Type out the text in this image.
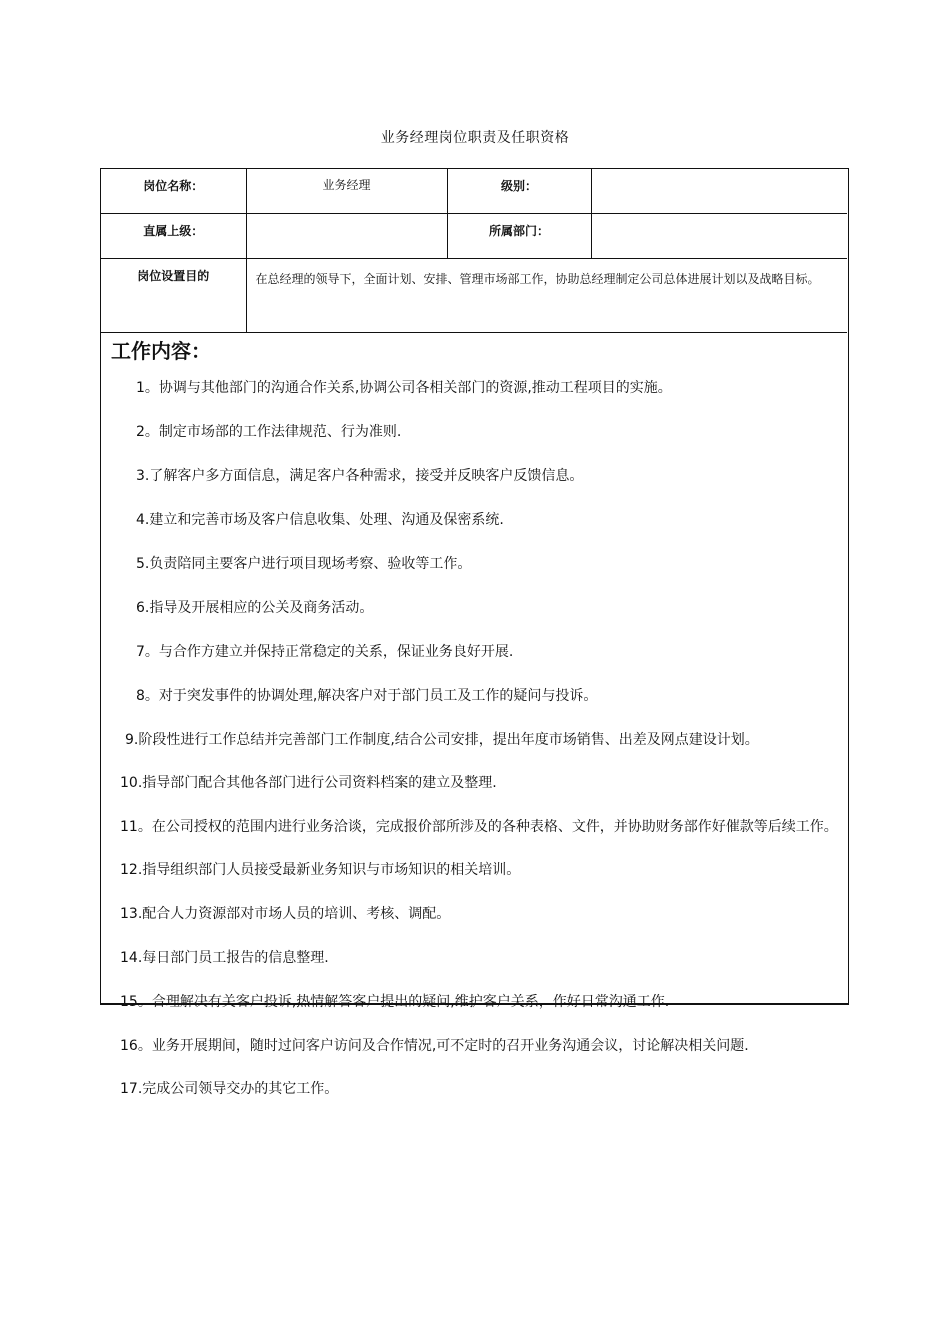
业务经理岗位职责及任职资格
岗位名称：	业务经理	级别：	
直属上级：		所属部门：	
岗位设置目的	在总经理的领导下，全面计划、安排、管理市场部工作，协助总经理制定公司总体进展计划以及战略目标。		
工作内容：
1。协调与其他部门的沟通合作关系,协调公司各相关部门的资源,推动工程项目的实施。
2。制定市场部的工作法律规范、行为准则.
3.了解客户多方面信息，满足客户各种需求，接受并反映客户反馈信息。
4.建立和完善市场及客户信息收集、处理、沟通及保密系统.
5.负责陪同主要客户进行项目现场考察、验收等工作。
6.指导及开展相应的公关及商务活动。
7。与合作方建立并保持正常稳定的关系，保证业务良好开展.
8。对于突发事件的协调处理,解决客户对于部门员工及工作的疑问与投诉。
9.阶段性进行工作总结并完善部门工作制度,结合公司安排，提出年度市场销售、出差及网点建设计划。
10.指导部门配合其他各部门进行公司资料档案的建立及整理.
11。在公司授权的范围内进行业务洽谈，完成报价部所涉及的各种表格、文件，并协助财务部作好催款等后续工作。
12.指导组织部门人员接受最新业务知识与市场知识的相关培训。
13.配合人力资源部对市场人员的培训、考核、调配。
14.每日部门员工报告的信息整理.
15。合理解决有关客户投诉,热情解答客户提出的疑问,维护客户关系，作好日常沟通工作.
16。业务开展期间，随时过问客户访问及合作情况,可不定时的召开业务沟通会议，讨论解决相关问题.
17.完成公司领导交办的其它工作。
